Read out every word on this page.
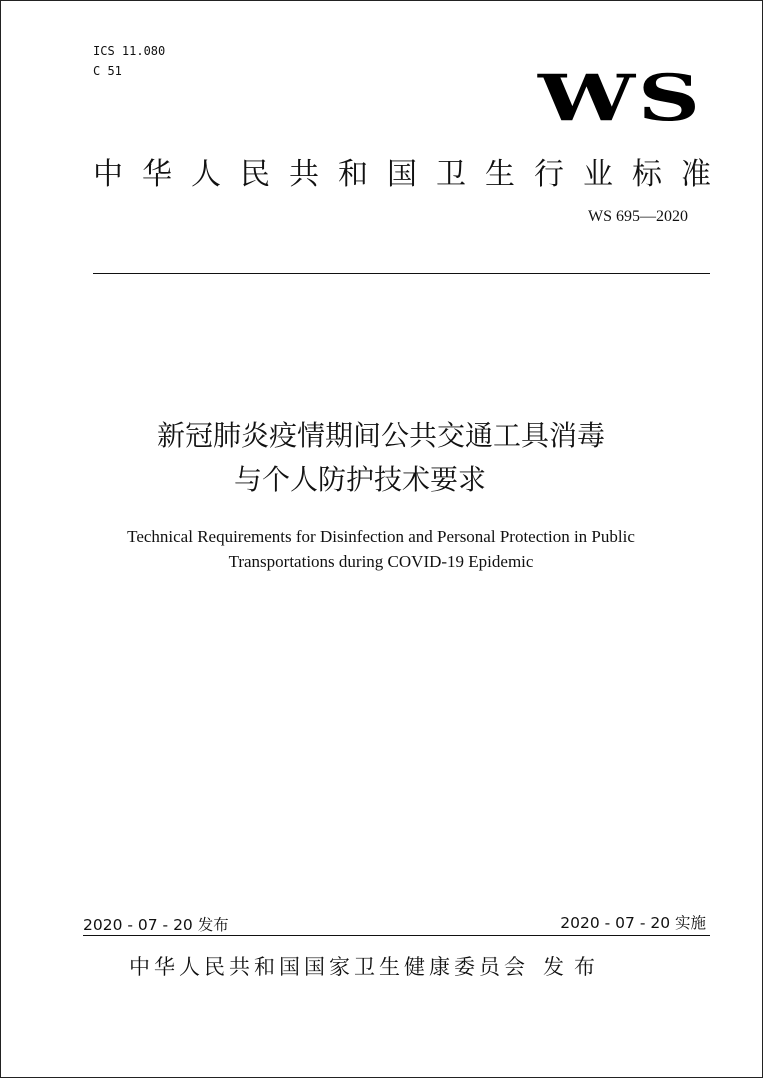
ICS 11.080
C 51	WS
中华人民共和国卫生行业标准
WS 695—2020
新冠肺炎疫情期间公共交通工具消毒
与个人防护技术要求
Technical Requirements for Disinfection and Personal Protection in Public
Transportations during COVID-19 Epidemic
2020 - 07 - 20 发布	2020 - 07 - 20 实施
中华人民共和国国家卫生健康委员会 发布
